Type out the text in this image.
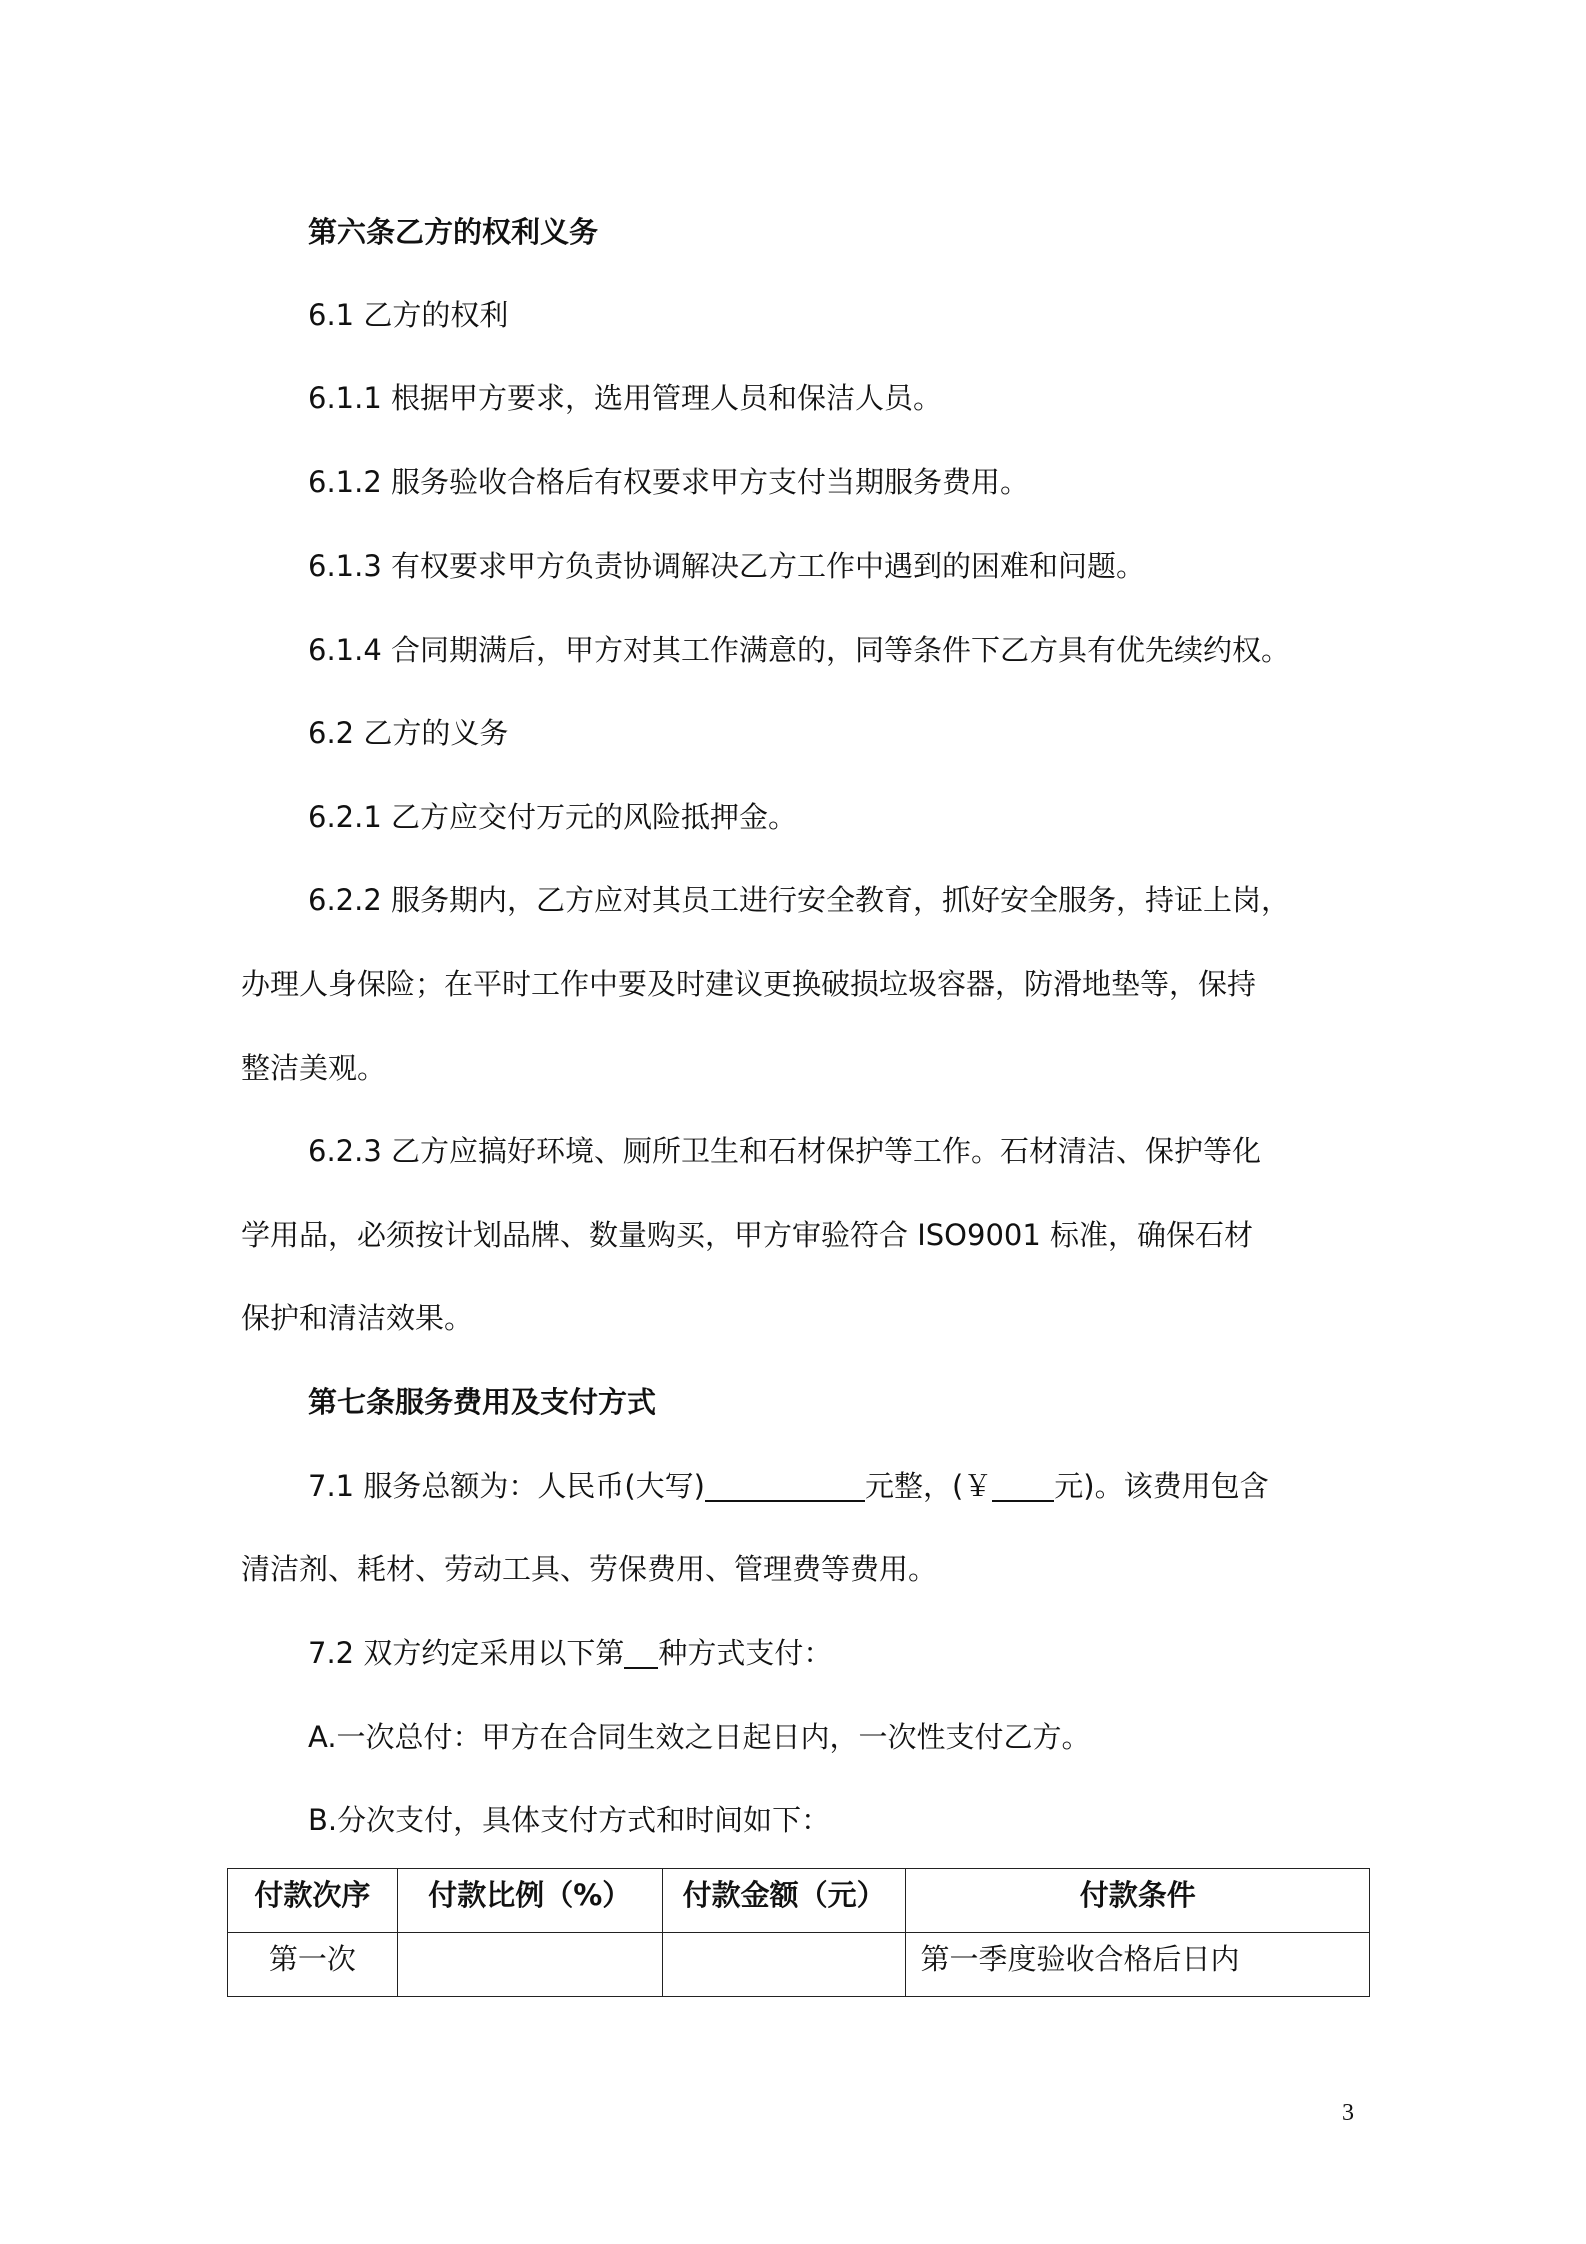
第六条乙方的权利义务
6.1 乙方的权利
6.1.1 根据甲方要求，选用管理人员和保洁人员。
6.1.2 服务验收合格后有权要求甲方支付当期服务费用。
6.1.3 有权要求甲方负责协调解决乙方工作中遇到的困难和问题。
6.1.4 合同期满后，甲方对其工作满意的，同等条件下乙方具有优先续约权。
6.2 乙方的义务
6.2.1 乙方应交付万元的风险抵押金。
6.2.2 服务期内，乙方应对其员工进行安全教育，抓好安全服务，持证上岗，
办理人身保险；在平时工作中要及时建议更换破损垃圾容器，防滑地垫等，保持
整洁美观。
6.2.3 乙方应搞好环境、厕所卫生和石材保护等工作。石材清洁、保护等化
学用品，必须按计划品牌、数量购买，甲方审验符合 ISO9001 标准，确保石材
保护和清洁效果。
第七条服务费用及支付方式
7.1 服务总额为：人民币(大写)	元整，(￥ 元)。该费用包含
清洁剂、耗材、劳动工具、劳保费用、管理费等费用。
7.2 双方约定采用以下第 种方式支付：
A.一次总付：甲方在合同生效之日起日内，一次性支付乙方。
B.分次支付，具体支付方式和时间如下：
付款次序	付款比例（%）	付款金额（元）	付款条件
第一次			第一季度验收合格后日内
3
